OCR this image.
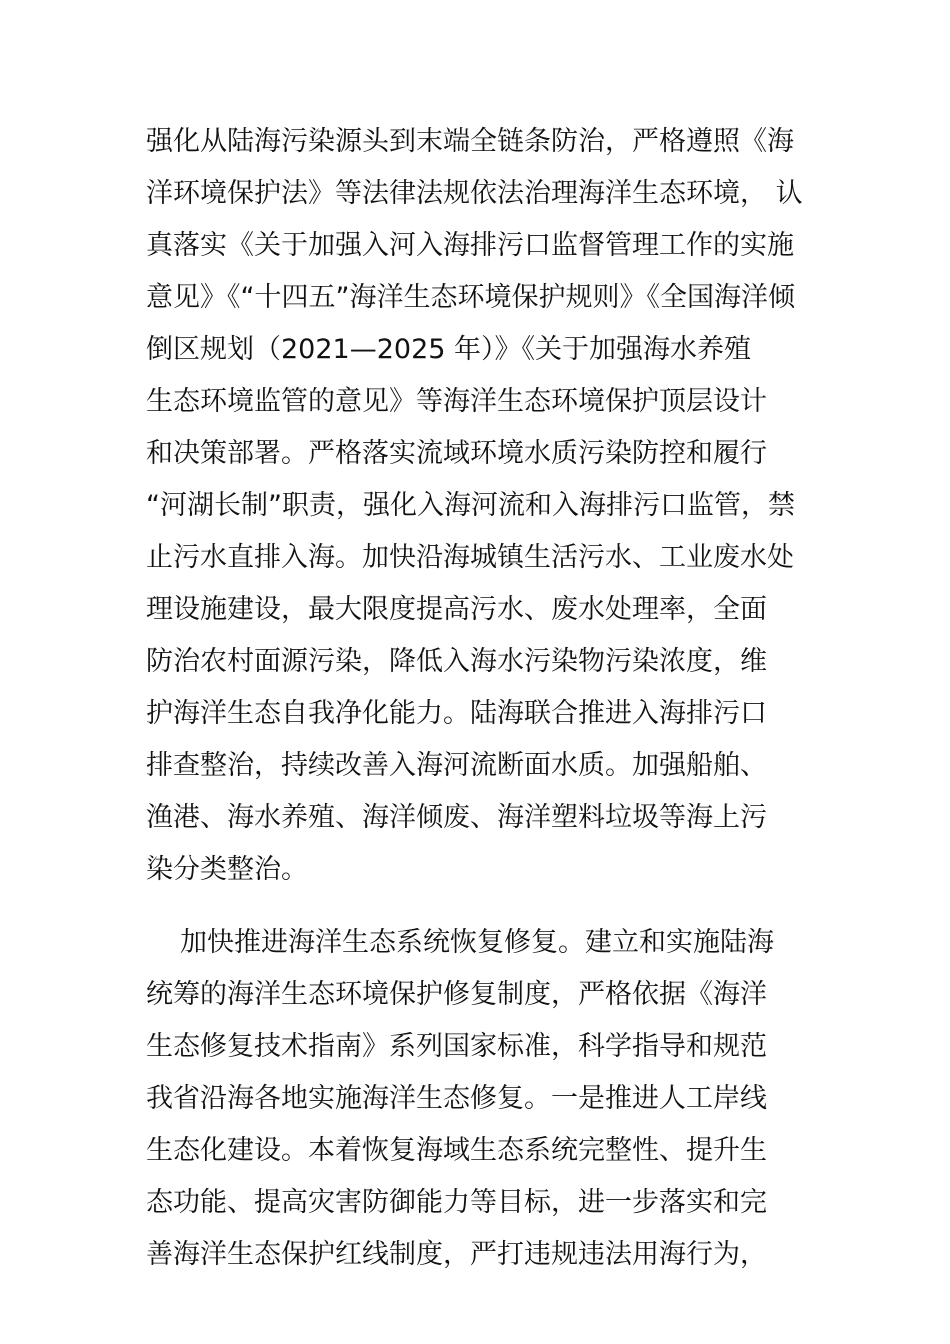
强化从陆海污染源头到末端全链条防治，严格遵照《海
洋环境保护法》等法律法规依法治理海洋生态环境， 认
真落实《关于加强入河入海排污口监督管理工作的实施
意见》《“十四五”海洋生态环境保护规则》《全国海洋倾
倒区规划（2021—2025 年）》《关于加强海水养殖
生态环境监管的意见》等海洋生态环境保护顶层设计
和决策部署。严格落实流域环境水质污染防控和履行
“河湖长制”职责，强化入海河流和入海排污口监管，禁
止污水直排入海。加快沿海城镇生活污水、工业废水处
理设施建设，最大限度提高污水、废水处理率，全面
防治农村面源污染，降低入海水污染物污染浓度，维
护海洋生态自我净化能力。陆海联合推进入海排污口
排查整治，持续改善入海河流断面水质。加强船舶、
渔港、海水养殖、海洋倾废、海洋塑料垃圾等海上污
染分类整治。
加快推进海洋生态系统恢复修复。建立和实施陆海
统筹的海洋生态环境保护修复制度，严格依据《海洋
生态修复技术指南》系列国家标准，科学指导和规范
我省沿海各地实施海洋生态修复。一是推进人工岸线
生态化建设。本着恢复海域生态系统完整性、提升生
态功能、提高灾害防御能力等目标，进一步落实和完
善海洋生态保护红线制度，严打违规违法用海行为，
